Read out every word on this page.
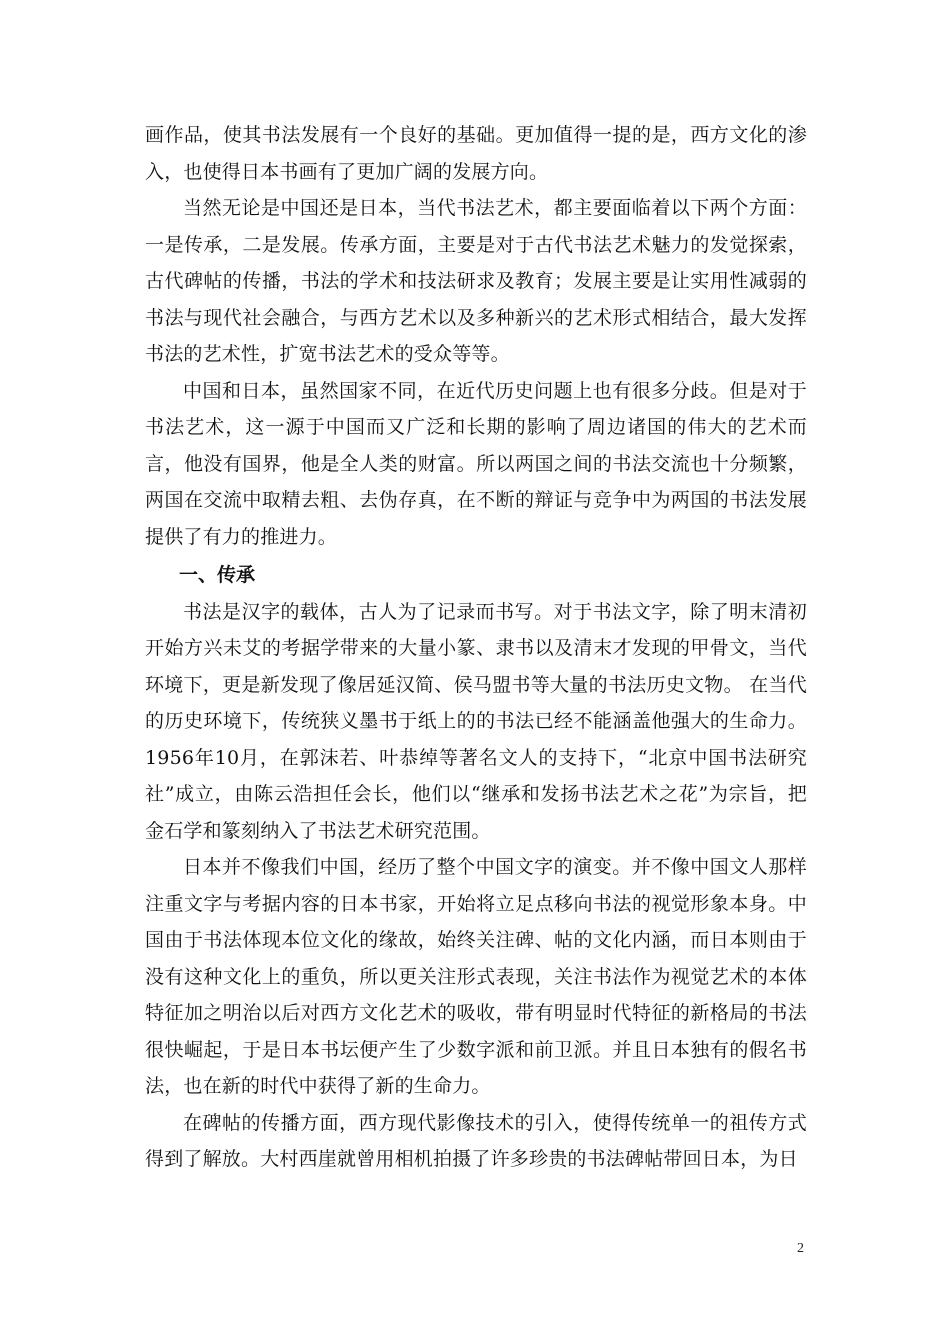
画作品，使其书法发展有一个良好的基础。更加值得一提的是，西方文化的渗入，也使得日本书画有了更加广阔的发展方向。

当然无论是中国还是日本，当代书法艺术，都主要面临着以下两个方面：一是传承，二是发展。传承方面，主要是对于古代书法艺术魅力的发觉探索，古代碑帖的传播，书法的学术和技法研求及教育；发展主要是让实用性减弱的书法与现代社会融合，与西方艺术以及多种新兴的艺术形式相结合，最大发挥书法的艺术性，扩宽书法艺术的受众等等。

中国和日本，虽然国家不同，在近代历史问题上也有很多分歧。但是对于书法艺术，这一源于中国而又广泛和长期的影响了周边诸国的伟大的艺术而言，他没有国界，他是全人类的财富。所以两国之间的书法交流也十分频繁，两国在交流中取精去粗、去伪存真，在不断的辩证与竞争中为两国的书法发展提供了有力的推进力。

一、传承

书法是汉字的载体，古人为了记录而书写。对于书法文字，除了明末清初开始方兴未艾的考据学带来的大量小篆、隶书以及清末才发现的甲骨文，当代环境下，更是新发现了像居延汉简、侯马盟书等大量的书法历史文物。 在当代的历史环境下，传统狭义墨书于纸上的的书法已经不能涵盖他强大的生命力。1956年10月，在郭沫若、叶恭绰等著名文人的支持下，“北京中国书法研究社”成立，由陈云浩担任会长，他们以“继承和发扬书法艺术之花”为宗旨，把金石学和篆刻纳入了书法艺术研究范围。

日本并不像我们中国，经历了整个中国文字的演变。并不像中国文人那样注重文字与考据内容的日本书家，开始将立足点移向书法的视觉形象本身。中国由于书法体现本位文化的缘故，始终关注碑、帖的文化内涵，而日本则由于没有这种文化上的重负，所以更关注形式表现，关注书法作为视觉艺术的本体特征加之明治以后对西方文化艺术的吸收，带有明显时代特征的新格局的书法很快崛起，于是日本书坛便产生了少数字派和前卫派。并且日本独有的假名书法，也在新的时代中获得了新的生命力。

在碑帖的传播方面，西方现代影像技术的引入，使得传统单一的祖传方式得到了解放。大村西崖就曾用相机拍摄了许多珍贵的书法碑帖带回日本，为日

2
